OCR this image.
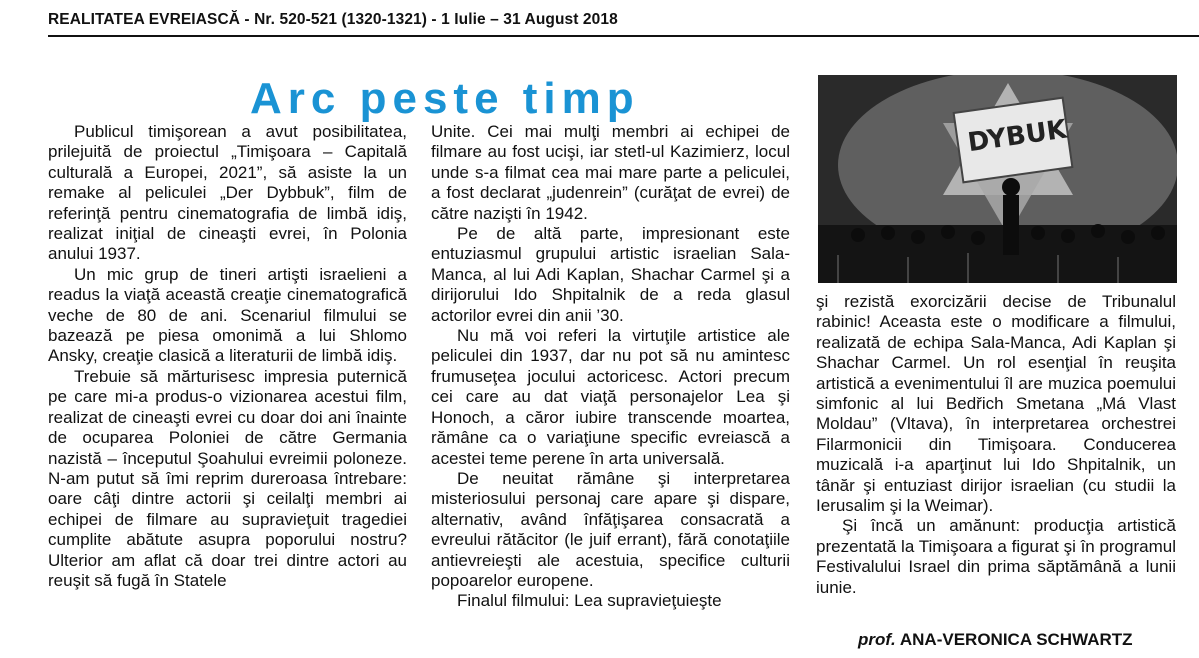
REALITATEA EVREIASCĂ - Nr. 520-521 (1320-1321) - 1 Iulie – 31 August 2018
Arc peste timp

Publicul timişorean a avut posibilitatea, prilejuită de proiectul „Timişoara – Capitală culturală a Europei, 2021”, să asiste la un remake al peliculei „Der Dybbuk”, film de referinţă pentru cinematografia de limbă idiş, realizat iniţial de cineaşti evrei, în Polonia anului 1937.

Un mic grup de tineri artişti israelieni a readus la viaţă această creaţie cinematografică veche de 80 de ani. Scenariul filmului se bazează pe piesa omonimă a lui Shlomo Ansky, creaţie clasică a literaturii de limbă idiş.

Trebuie să mărturisesc impresia puternică pe care mi-a produs-o vizionarea acestui film, realizat de cineaşti evrei cu doar doi ani înainte de ocuparea Poloniei de către Germania nazistă – începutul Şoahului evreimii poloneze. N-am putut să îmi reprim dureroasa întrebare: oare câţi dintre actorii şi ceilalţi membri ai echipei de filmare au supravieţuit tragediei cumplite abătute asupra poporului nostru? Ulterior am aflat că doar trei dintre actori au reuşit să fugă în Statele

Unite. Cei mai mulţi membri ai echipei de filmare au fost ucişi, iar stetl-ul Kazimierz, locul unde s-a filmat cea mai mare parte a peliculei, a fost declarat „judenrein” (curăţat de evrei) de către nazişti în 1942.

Pe de altă parte, impresionant este entuziasmul grupului artistic israelian Sala-Manca, al lui Adi Kaplan, Shachar Carmel şi a dirijorului Ido Shpitalnik de a reda glasul actorilor evrei din anii ’30.

Nu mă voi referi la virtuţile artistice ale peliculei din 1937, dar nu pot să nu amintesc frumuseţea jocului actoricesc. Actori precum cei care au dat viaţă personajelor Lea şi Honoch, a căror iubire transcende moartea, rămâne ca o variaţiune specific evreiască a acestei teme perene în arta universală.

De neuitat rămâne şi interpretarea misteriosului personaj care apare şi dispare, alternativ, având înfăţişarea consacrată a evreului rătăcitor (le juif errant), fără conotaţiile antievreieşti ale acestuia, specifice culturii popoarelor europene.

Finalul filmului: Lea supravieţuieşte

DYBUK

şi rezistă exorcizării decise de Tribunalul rabinic! Aceasta este o modificare a filmului, realizată de echipa Sala-Manca, Adi Kaplan şi Shachar Carmel. Un rol esenţial în reuşita artistică a evenimentului îl are muzica poemului simfonic al lui Bedřich Smetana „Má Vlast Moldau” (Vltava), în interpretarea orchestrei Filarmonicii din Timişoara. Conducerea muzicală i-a aparţinut lui Ido Shpitalnik, un tânăr şi entuziast dirijor israelian (cu studii la Ierusalim şi la Weimar).

Şi încă un amănunt: producţia artistică prezentată la Timişoara a figurat şi în programul Festivalului Israel din prima săptămână a lunii iunie.

prof. ANA-VERONICA SCHWARTZ
